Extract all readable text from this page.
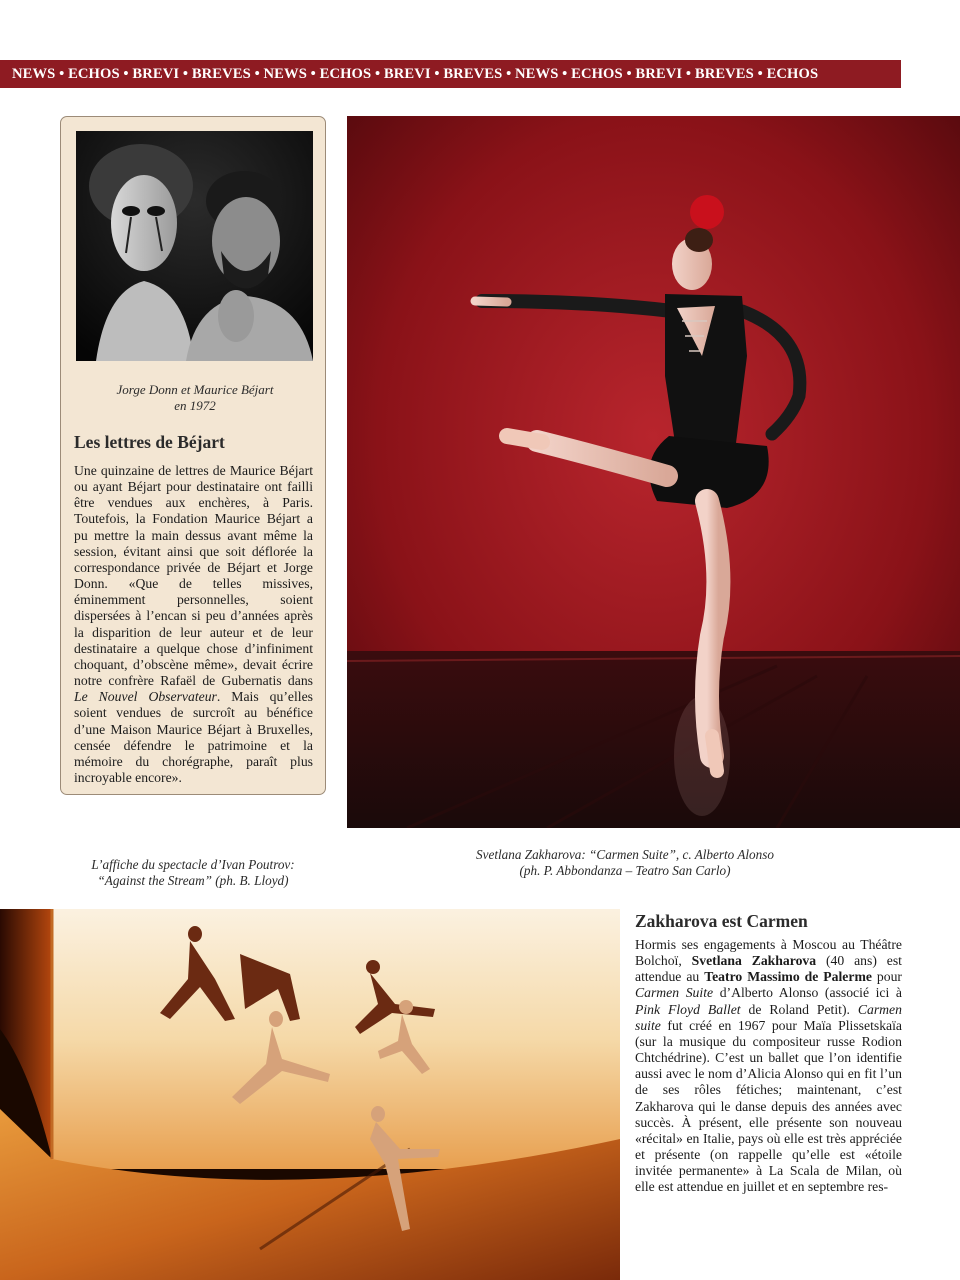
NEWS • ECHOS • BREVI • BREVES • NEWS • ECHOS • BREVI • BREVES • NEWS • ECHOS • BREVI • BREVES • ECHOS
Jorge Donn et Maurice Béjart
en 1972
Les lettres de Béjart
Une quinzaine de lettres de Maurice Béjart ou ayant Béjart pour destinataire ont failli être vendues aux enchères, à Paris. Toutefois, la Fondation Maurice Béjart a pu mettre la main dessus avant même la session, évitant ainsi que soit déflorée la correspondance privée de Béjart et Jorge Donn. «Que de telles missives, éminemment personnelles, soient dispersées à l’encan si peu d’années après la disparition de leur auteur et de leur destinataire a quelque chose d’infiniment choquant, d’obscène même», devait écrire notre confrère Rafaël de Gubernatis dans Le Nouvel Observateur. Mais qu’elles soient vendues de surcroît au bénéfice d’une Maison Maurice Béjart à Bruxelles, censée défendre le patrimoine et la mémoire du chorégraphe, paraît plus incroyable encore».
L’affiche du spectacle d’Ivan Poutrov:
“Against the Stream” (ph. B. Lloyd)
Svetlana Zakharova: “Carmen Suite”, c. Alberto Alonso
(ph. P. Abbondanza – Teatro San Carlo)
Zakharova est Carmen
Hormis ses engagements à Moscou au Théâtre Bolchoï, Svetlana Zakharova (40 ans) est attendue au Teatro Massimo de Palerme pour Carmen Suite d’Alberto Alonso (associé ici à Pink Floyd Ballet de Roland Petit). Carmen suite fut créé en 1967 pour Maïa Plissetskaïa (sur la musique du compositeur russe Rodion Chtchédrine). C’est un ballet que l’on identifie aussi avec le nom d’Alicia Alonso qui en fit l’un de ses rôles fétiches; maintenant, c’est Zakharova qui le danse depuis des années avec succès. À présent, elle présente son nouveau «récital» en Italie, pays où elle est très appréciée et présente (on rappelle qu’elle est «étoile invitée permanente» à La Scala de Milan, où elle est attendue en juillet et en septembre res-
